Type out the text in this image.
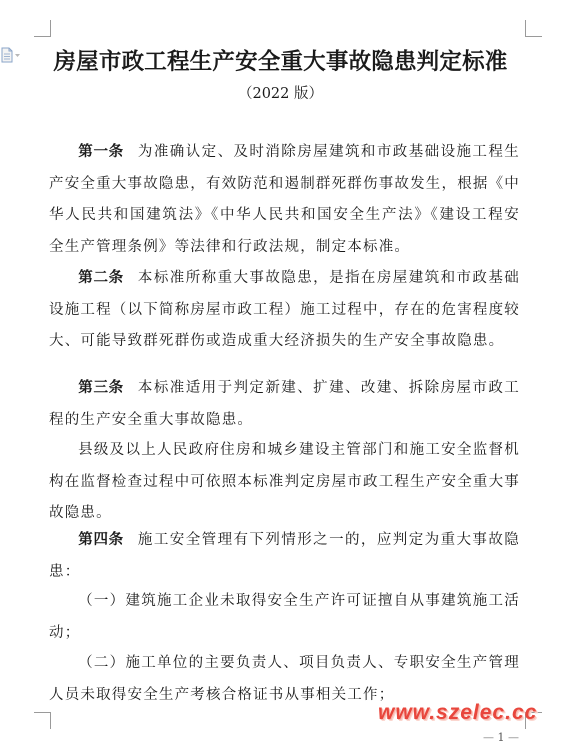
房屋市政工程生产安全重大事故隐患判定标准
（2022 版）

第一条 为准确认定、及时消除房屋建筑和市政基础设施工程生产安全重大事故隐患，有效防范和遏制群死群伤事故发生，根据《中华人民共和国建筑法》《中华人民共和国安全生产法》《建设工程安全生产管理条例》等法律和行政法规，制定本标准。

第二条 本标准所称重大事故隐患，是指在房屋建筑和市政基础设施工程（以下简称房屋市政工程）施工过程中，存在的危害程度较大、可能导致群死群伤或造成重大经济损失的生产安全事故隐患。

第三条 本标准适用于判定新建、扩建、改建、拆除房屋市政工程的生产安全重大事故隐患。

县级及以上人民政府住房和城乡建设主管部门和施工安全监督机构在监督检查过程中可依照本标准判定房屋市政工程生产安全重大事故隐患。

第四条 施工安全管理有下列情形之一的，应判定为重大事故隐患：

（一）建筑施工企业未取得安全生产许可证擅自从事建筑施工活动；

（二）施工单位的主要负责人、项目负责人、专职安全生产管理人员未取得安全生产考核合格证书从事相关工作；

www.szelec.cc
— 1 —
